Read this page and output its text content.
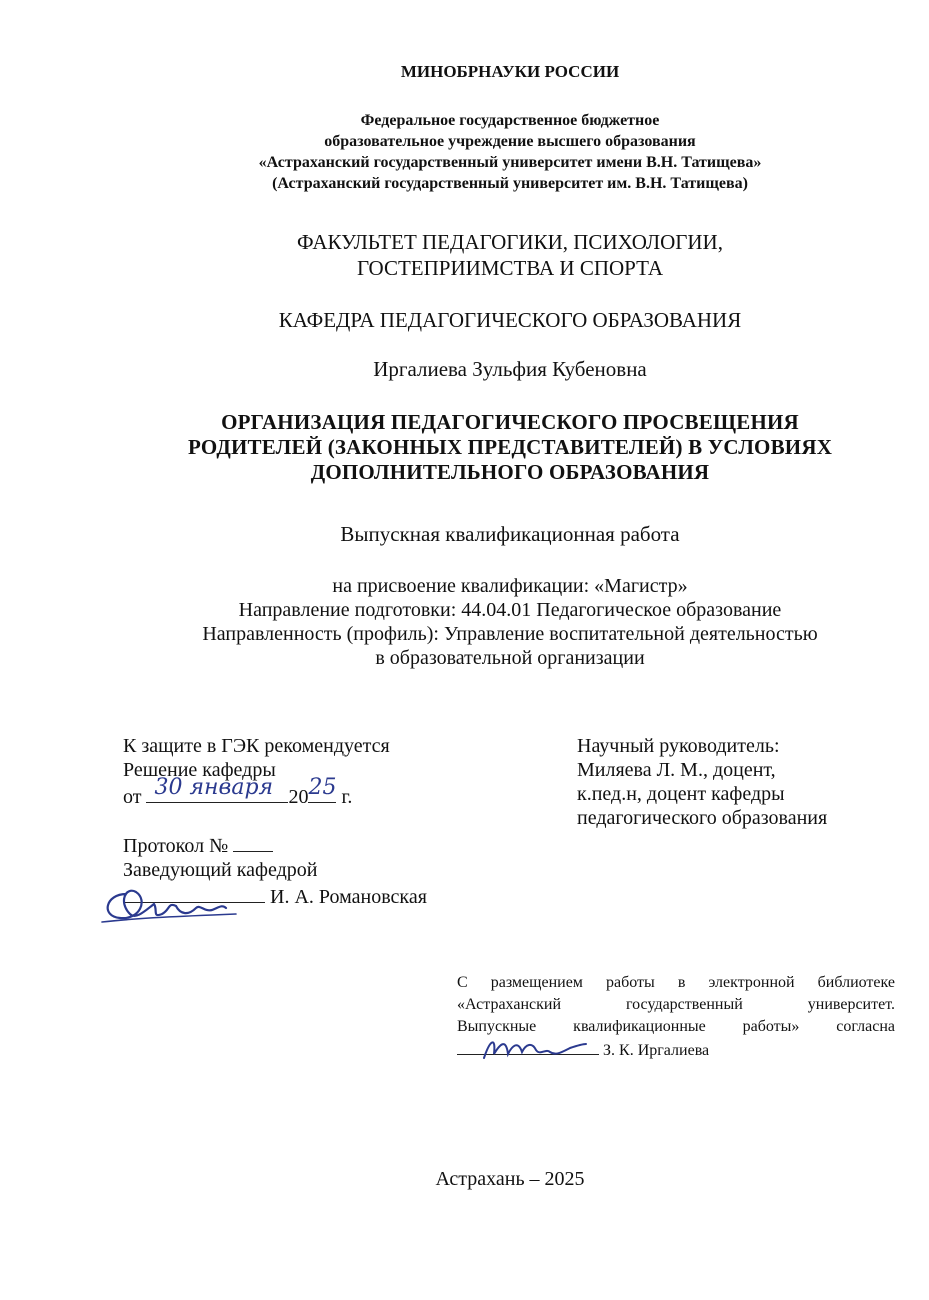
МИНОБРНАУКИ РОССИИ
Федеральное государственное бюджетное
образовательное учреждение высшего образования
«Астраханский государственный университет имени В.Н. Татищева»
(Астраханский государственный университет им. В.Н. Татищева)
ФАКУЛЬТЕТ ПЕДАГОГИКИ, ПСИХОЛОГИИ,
ГОСТЕПРИИМСТВА И СПОРТА
КАФЕДРА ПЕДАГОГИЧЕСКОГО ОБРАЗОВАНИЯ
Иргалиева Зульфия Кубеновна
ОРГАНИЗАЦИЯ ПЕДАГОГИЧЕСКОГО ПРОСВЕЩЕНИЯ
РОДИТЕЛЕЙ (ЗАКОННЫХ ПРЕДСТАВИТЕЛЕЙ) В УСЛОВИЯХ
ДОПОЛНИТЕЛЬНОГО ОБРАЗОВАНИЯ
Выпускная квалификационная работа
на присвоение квалификации: «Магистр»
Направление подготовки: 44.04.01 Педагогическое образование
Направленность (профиль): Управление воспитательной деятельностью
в образовательной организации
К защите в ГЭК рекомендуется
Решение кафедры
от 30 января 20 25 г.
Протокол №
Заведующий кафедрой
И. А. Романовская
Научный руководитель:
Миляева Л. М., доцент,
к.пед.н, доцент кафедры
педагогического образования
С размещением работы в электронной библиотеке
«Астраханский государственный университет.
Выпускные квалификационные работы» согласна
З. К. Иргалиева
Астрахань – 2025
